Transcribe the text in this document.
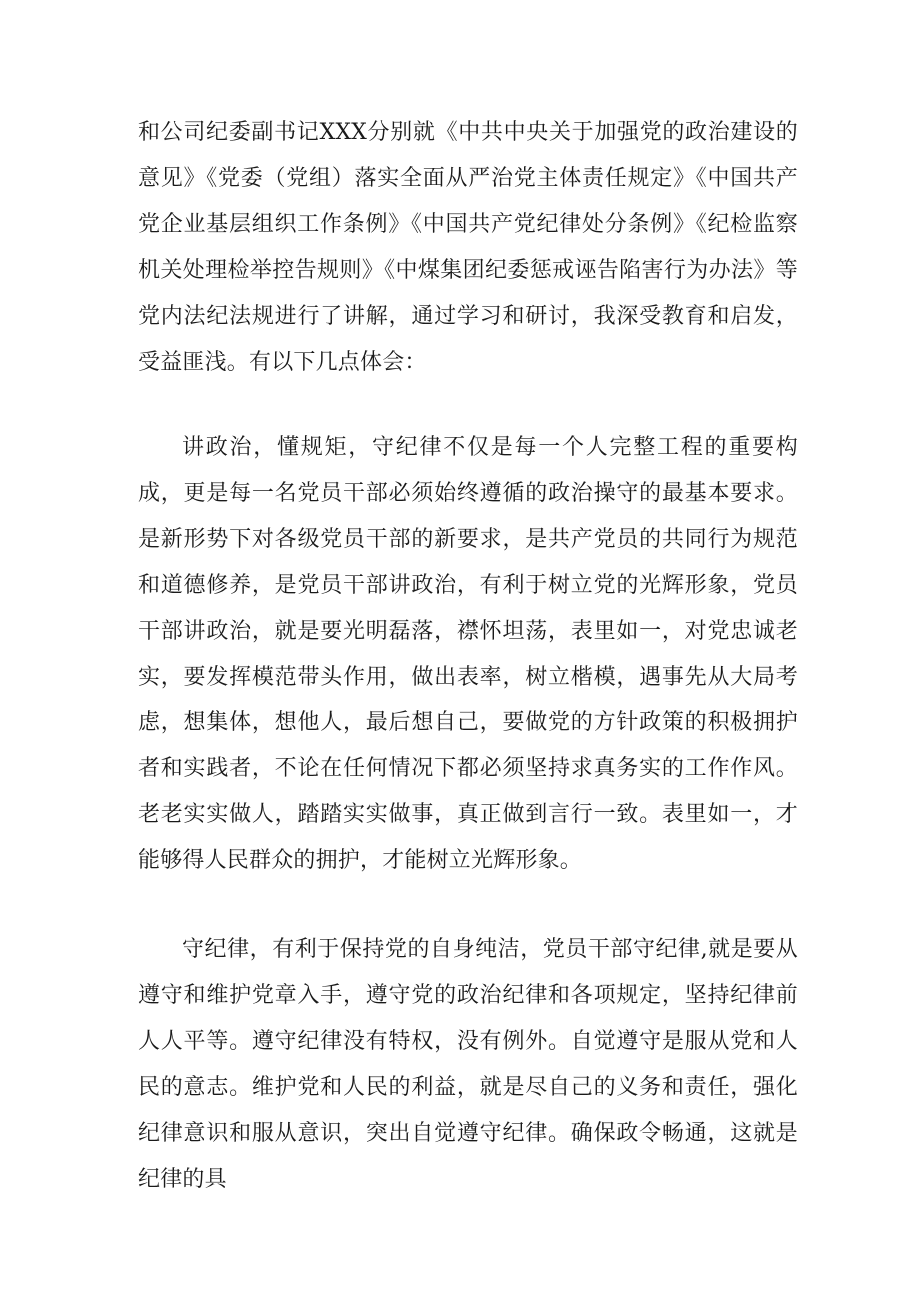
和公司纪委副书记XXX分别就《中共中央关于加强党的政治建设的意见》《党委（党组）落实全面从严治党主体责任规定》《中国共产党企业基层组织工作条例》《中国共产党纪律处分条例》《纪检监察机关处理检举控告规则》《中煤集团纪委惩戒诬告陷害行为办法》等党内法纪法规进行了讲解，通过学习和研讨，我深受教育和启发，受益匪浅。有以下几点体会：

讲政治，懂规矩，守纪律不仅是每一个人完整工程的重要构成，更是每一名党员干部必须始终遵循的政治操守的最基本要求。是新形势下对各级党员干部的新要求，是共产党员的共同行为规范和道德修养，是党员干部讲政治，有利于树立党的光辉形象，党员干部讲政治，就是要光明磊落，襟怀坦荡，表里如一，对党忠诚老实，要发挥模范带头作用，做出表率，树立楷模，遇事先从大局考虑，想集体，想他人，最后想自己，要做党的方针政策的积极拥护者和实践者，不论在任何情况下都必须坚持求真务实的工作作风。老老实实做人，踏踏实实做事，真正做到言行一致。表里如一，才能够得人民群众的拥护，才能树立光辉形象。

守纪律，有利于保持党的自身纯洁，党员干部守纪律,就是要从遵守和维护党章入手，遵守党的政治纪律和各项规定，坚持纪律前人人平等。遵守纪律没有特权，没有例外。自觉遵守是服从党和人民的意志。维护党和人民的利益，就是尽自己的义务和责任，强化纪律意识和服从意识，突出自觉遵守纪律。确保政令畅通，这就是纪律的具
